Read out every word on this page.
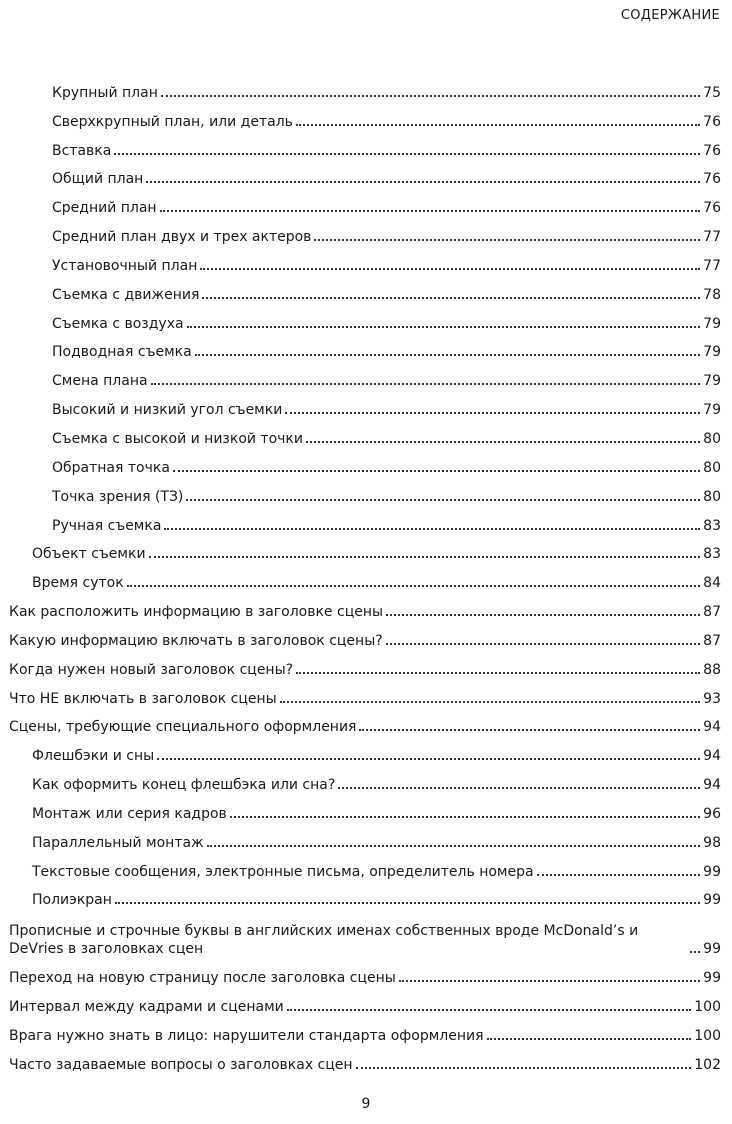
СОДЕРЖАНИЕ
Крупный план	75
Сверхкрупный план, или деталь	76
Вставка	76
Общий план	76
Средний план	76
Средний план двух и трех актеров	77
Установочный план	77
Съемка с движения	78
Съемка с воздуха	79
Подводная съемка	79
Смена плана	79
Высокий и низкий угол съемки	79
Съемка с высокой и низкой точки	80
Обратная точка	80
Точка зрения (ТЗ)	80
Ручная съемка	83
Объект съемки	83
Время суток	84
Как расположить информацию в заголовке сцены	87
Какую информацию включать в заголовок сцены?	87
Когда нужен новый заголовок сцены?	88
Что НЕ включать в заголовок сцены	93
Сцены, требующие специального оформления	94
Флешбэки и сны	94
Как оформить конец флешбэка или сна?	94
Монтаж или серия кадров	96
Параллельный монтаж	98
Текстовые сообщения, электронные письма, определитель номера	99
Полиэкран	99
Прописные и строчные буквы в английских именах собственных вроде McDonald’s и DeVries в заголовках сцен	99
Переход на новую страницу после заголовка сцены	99
Интервал между кадрами и сценами	100
Врага нужно знать в лицо: нарушители стандарта оформления	100
Часто задаваемые вопросы о заголовках сцен	102
9
